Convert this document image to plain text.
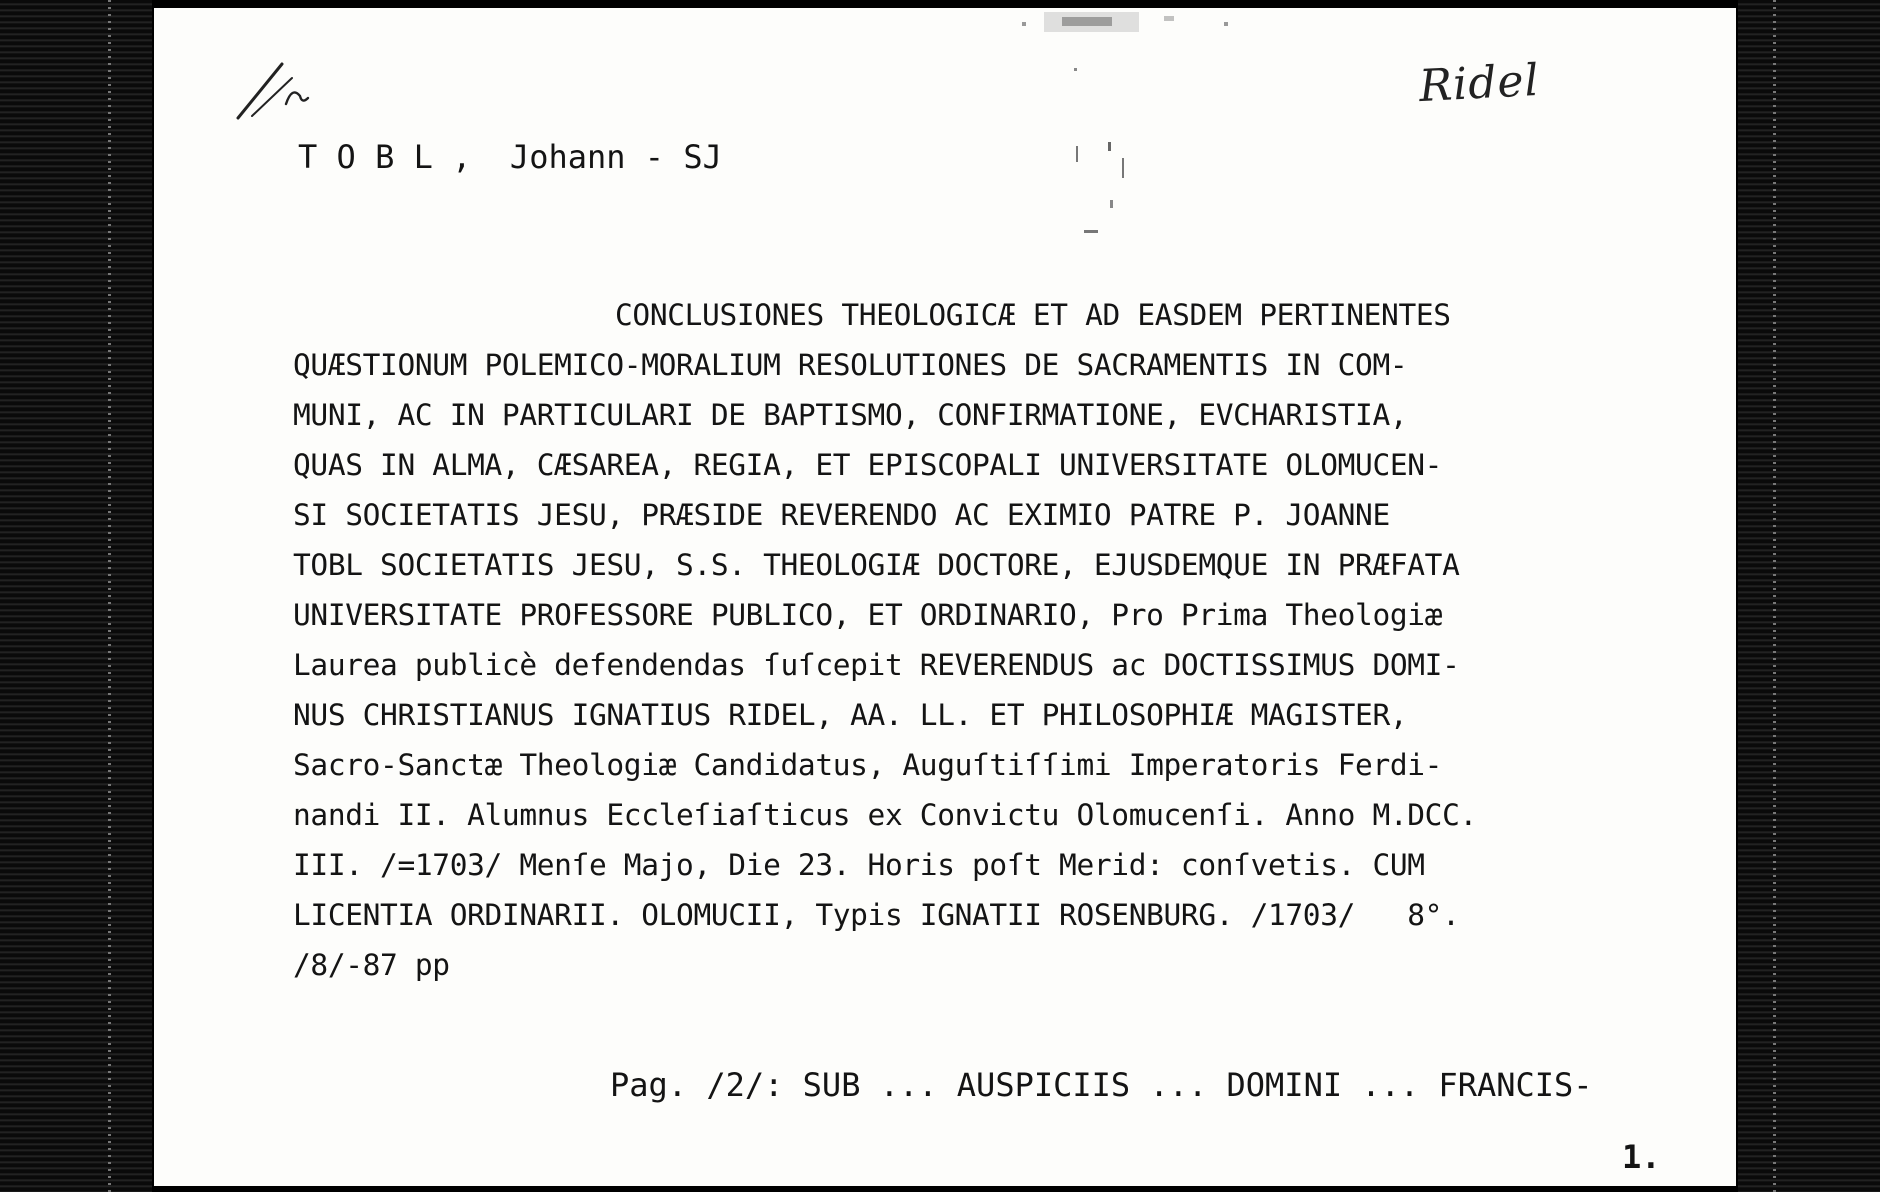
Ridel
T O B L ,  Johann - SJ
CONCLUSIONES THEOLOGICÆ ET AD EASDEM PERTINENTES
QUÆSTIONUM POLEMICO-MORALIUM RESOLUTIONES DE SACRAMENTIS IN COM-
MUNI, AC IN PARTICULARI DE BAPTISMO, CONFIRMATIONE, EVCHARISTIA,
QUAS IN ALMA, CÆSAREA, REGIA, ET EPISCOPALI UNIVERSITATE OLOMUCEN-
SI SOCIETATIS JESU, PRÆSIDE REVERENDO AC EXIMIO PATRE P. JOANNE
TOBL SOCIETATIS JESU, S.S. THEOLOGIÆ DOCTORE, EJUSDEMQUE IN PRÆFATA
UNIVERSITATE PROFESSORE PUBLICO, ET ORDINARIO, Pro Prima Theologiæ
Laurea publicè defendendas ſuſcepit REVERENDUS ac DOCTISSIMUS DOMI-
NUS CHRISTIANUS IGNATIUS RIDEL, AA. LL. ET PHILOSOPHIÆ MAGISTER,
Sacro-Sanctæ Theologiæ Candidatus, Auguſtiſſimi Imperatoris Ferdi-
nandi II. Alumnus Eccleſiaſticus ex Convictu Olomucenſi. Anno M.DCC.
III. /=1703/ Menſe Majo, Die 23. Horis poſt Merid: conſvetis. CUM
LICENTIA ORDINARII. OLOMUCII, Typis IGNATII ROSENBURG. /1703/   8°.
/8/-87 pp
Pag. /2/: SUB ... AUSPICIIS ... DOMINI ... FRANCIS-
1.
